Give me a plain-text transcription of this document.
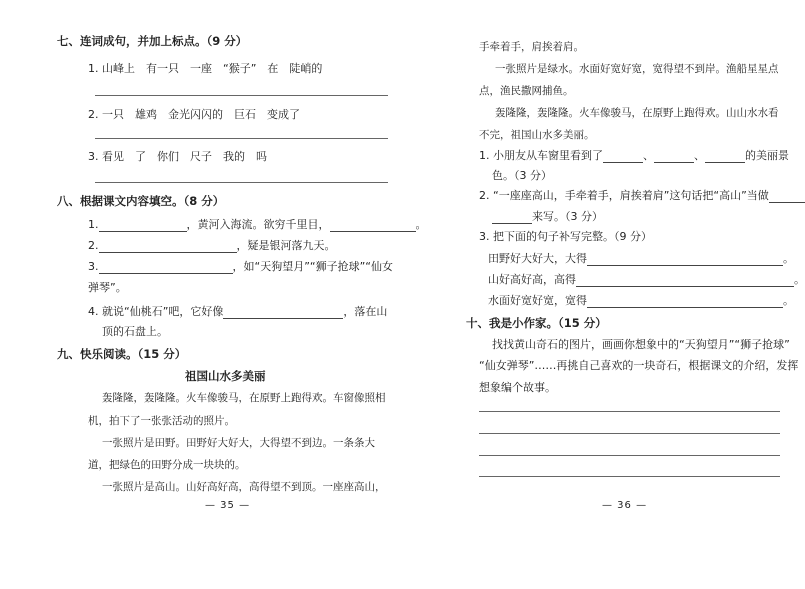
七、连词成句，并加上标点。（9 分）
1. 山峰上　有一只　一座　“猴子”　在　陡峭的
2. 一只　雄鸡　金光闪闪的　巨石　变成了
3. 看见　了　你们　尺子　我的　吗
八、根据课文内容填空。（8 分）
1.	，黄河入海流。欲穷千里目，	。
2.	，疑是银河落九天。
3.	，如“天狗望月”“狮子抢球”“仙女
弹琴”。
4. 就说“仙桃石”吧，它好像	，落在山
顶的石盘上。
九、快乐阅读。（15 分）
祖国山水多美丽
轰隆隆，轰隆隆。火车像骏马，在原野上跑得欢。车窗像照相
机，拍下了一张张活动的照片。
一张照片是田野。田野好大好大，大得望不到边。一条条大
道，把绿色的田野分成一块块的。
一张照片是高山。山好高好高，高得望不到顶。一座座高山，
— 35 —
手牵着手，肩挨着肩。
一张照片是绿水。水面好宽好宽，宽得望不到岸。渔船星星点
点，渔民撒网捕鱼。
轰隆隆，轰隆隆。火车像骏马，在原野上跑得欢。山山水水看
不完，祖国山水多美丽。
1. 小朋友从车窗里看到了	、	、	的美丽景
色。（3 分）
2. “一座座高山，手牵着手，肩挨着肩”这句话把“高山”当做
来写。（3 分）
3. 把下面的句子补写完整。（9 分）
田野好大好大，大得	。
山好高好高，高得	。
水面好宽好宽，宽得	。
十、我是小作家。（15 分）
找找黄山奇石的图片，画画你想象中的“天狗望月”“狮子抢球”
“仙女弹琴”……再挑自己喜欢的一块奇石，根据课文的介绍，发挥
想象编个故事。
— 36 —
